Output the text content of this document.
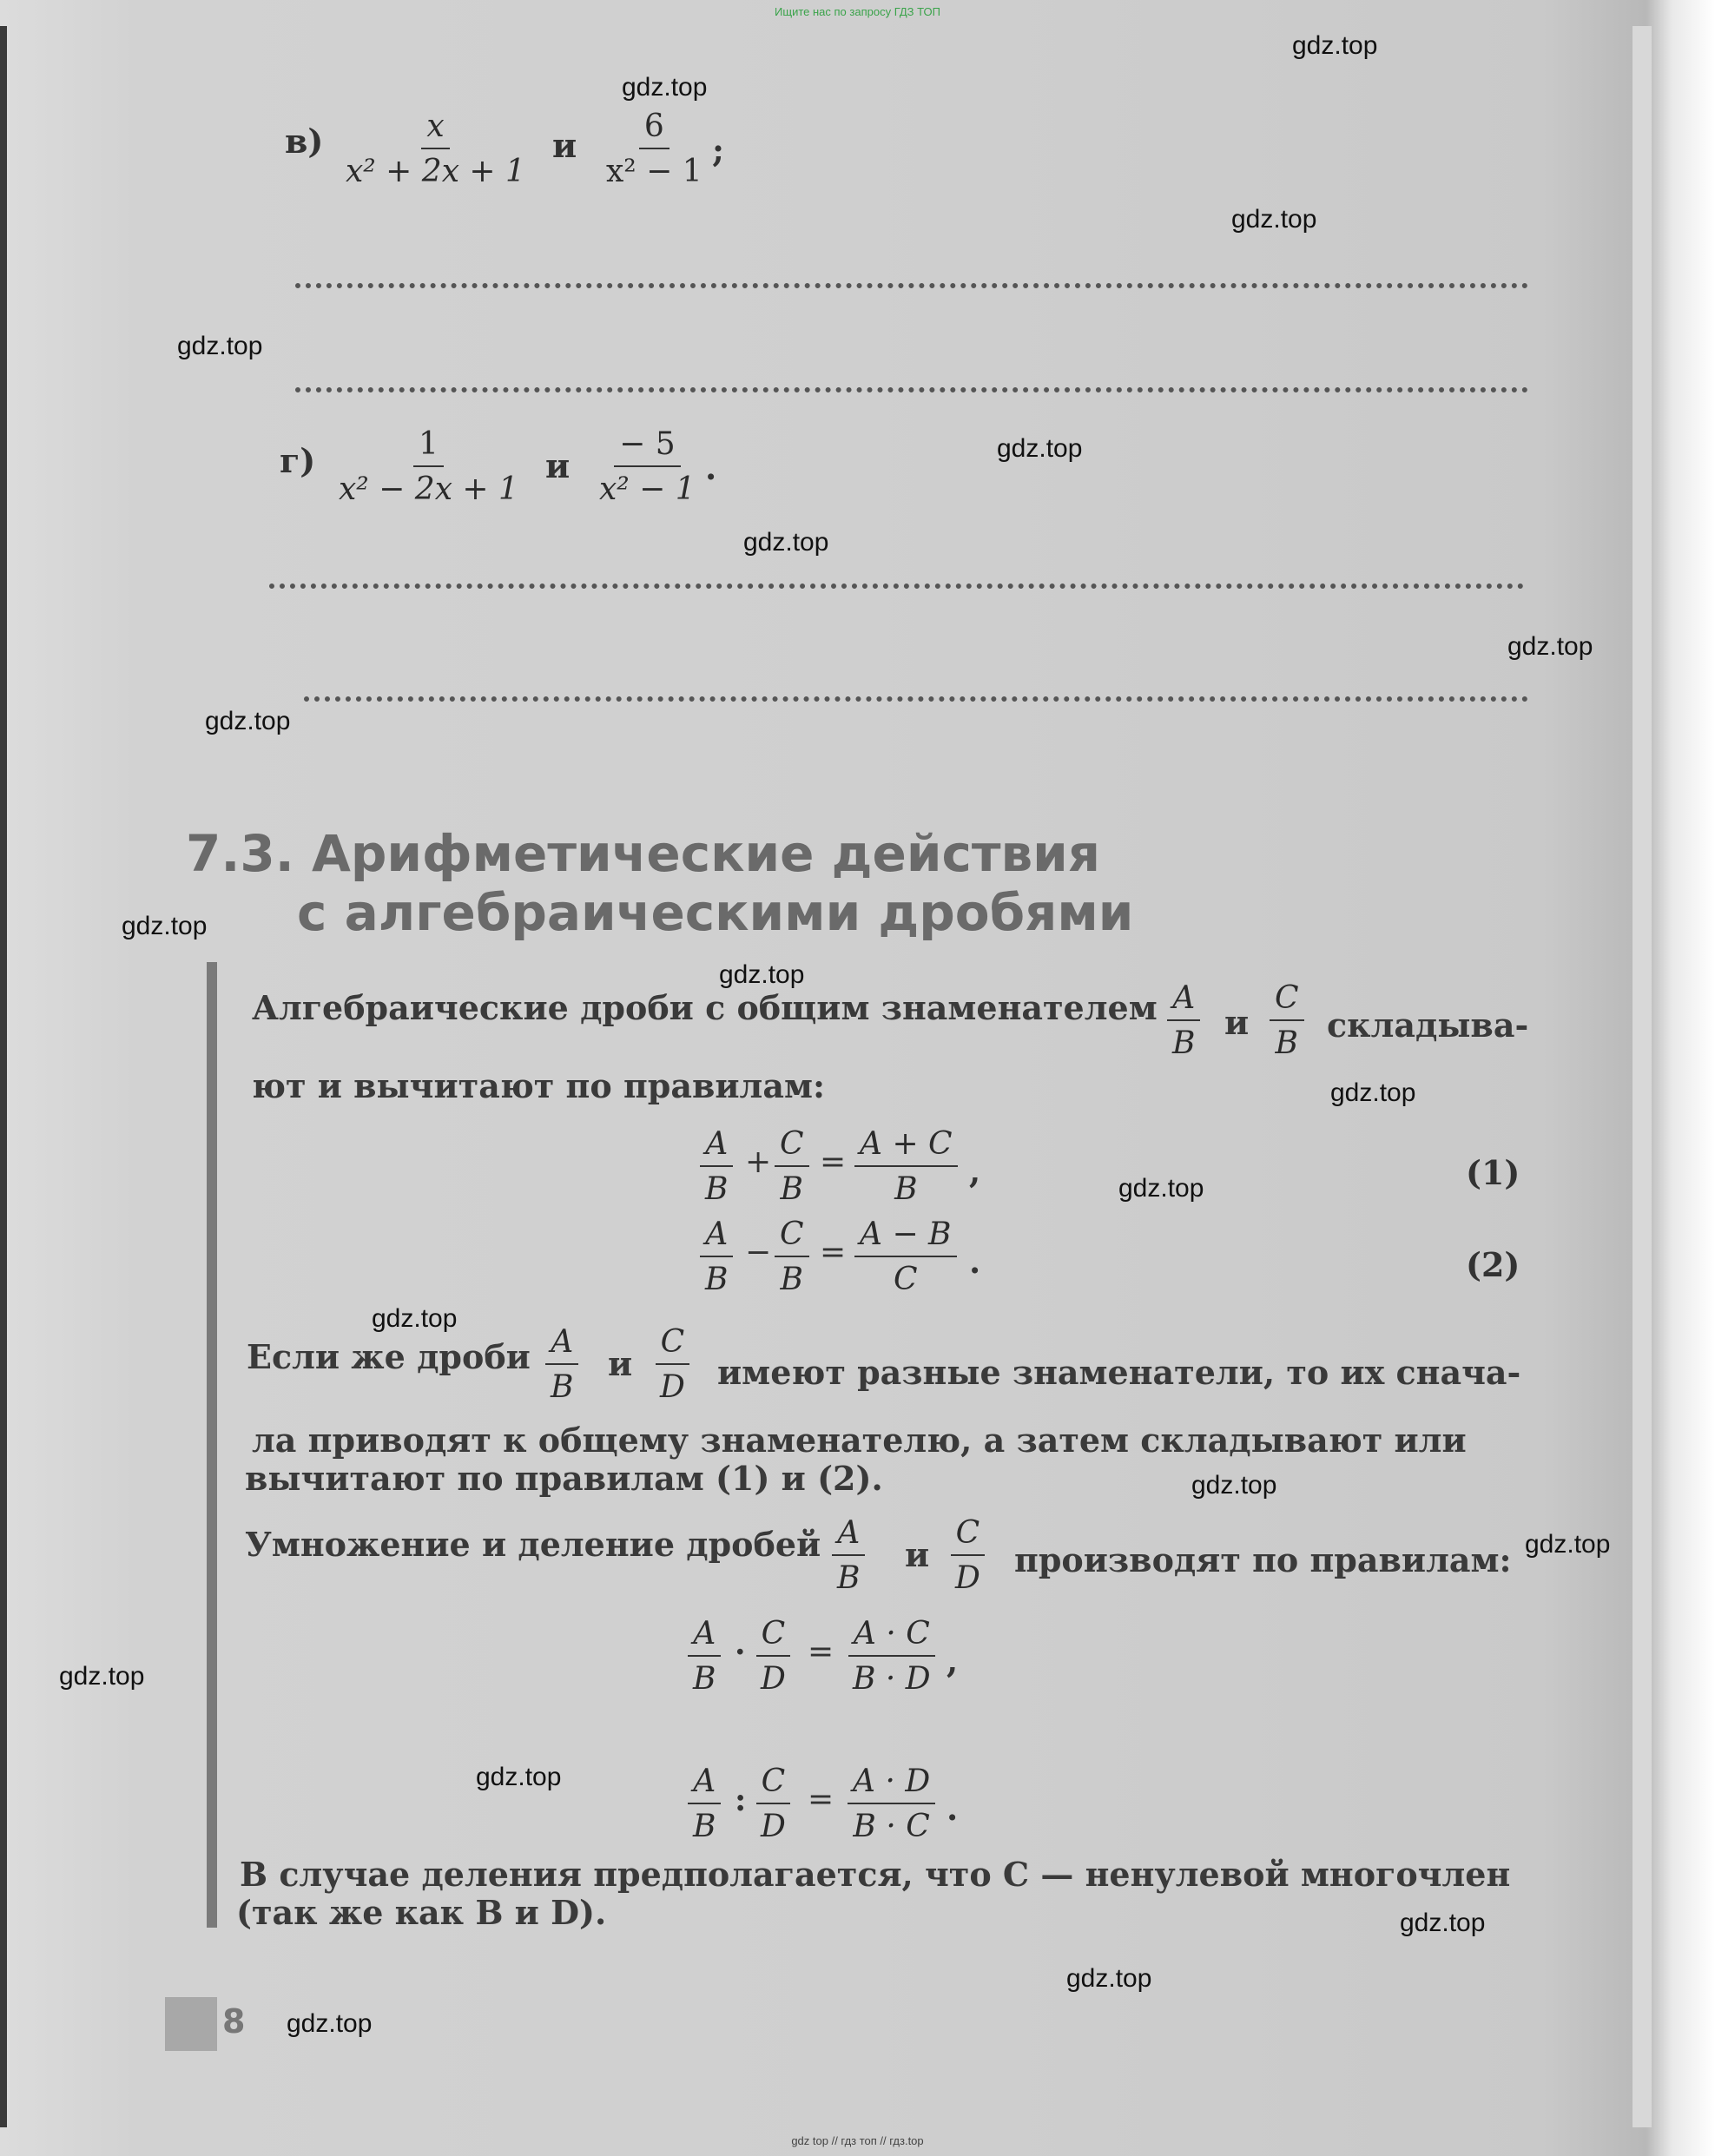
Ищите нас по запросу ГДЗ ТОП
$в) \frac{x}{\text{x² + 2x + 1}}$ и $\frac{6}{\text{x² − 1}}$ ;
$г) \frac{1}{\text{x² − 2x + 1}}$ и $\frac{- 5}{\text{x² − 1}}$ .
7.3. Арифметические действия
с алгебраическими дробями
Алгебраические дроби с общим знаменателем $\frac{A}{B}$ и $\frac{C}{B}$ складыва-
ют и вычитают по правилам:
$\frac{A}{B} + \frac{C}{B} = \frac{A + C}{B}$ ,	(1)
$\frac{A}{B} - \frac{C}{B} = \frac{A - B}{C}$ .	(2)
Если же дроби $\frac{A}{B}$ и $\frac{C}{D}$ имеют разные знаменатели, то их снача-
ла приводят к общему знаменателю, а затем складывают или
вычитают по правилам (1) и (2).
Умножение и деление дробей $\frac{A}{B}$ и $\frac{C}{D}$ производят по правилам:
$\frac{A}{B} \cdot \frac{C}{D} = \frac{A \cdot C}{B \cdot D}$ ,
$\frac{A}{B}$ : $\frac{C}{D} = \frac{A \cdot D}{B \cdot C}$ .
В случае деления предполагается, что C — ненулевой многочлен
(так же как B и D).
8
gdz.top
gdz.top
gdz.top
gdz.top
gdz.top
gdz.top
gdz.top
gdz.top
gdz.top
gdz.top
gdz.top
gdz.top
gdz.top
gdz.top
gdz.top
gdz.top
gdz.top
gdz.top
gdz.top
gdz.top
gdz top // гдз топ // гдз.top
